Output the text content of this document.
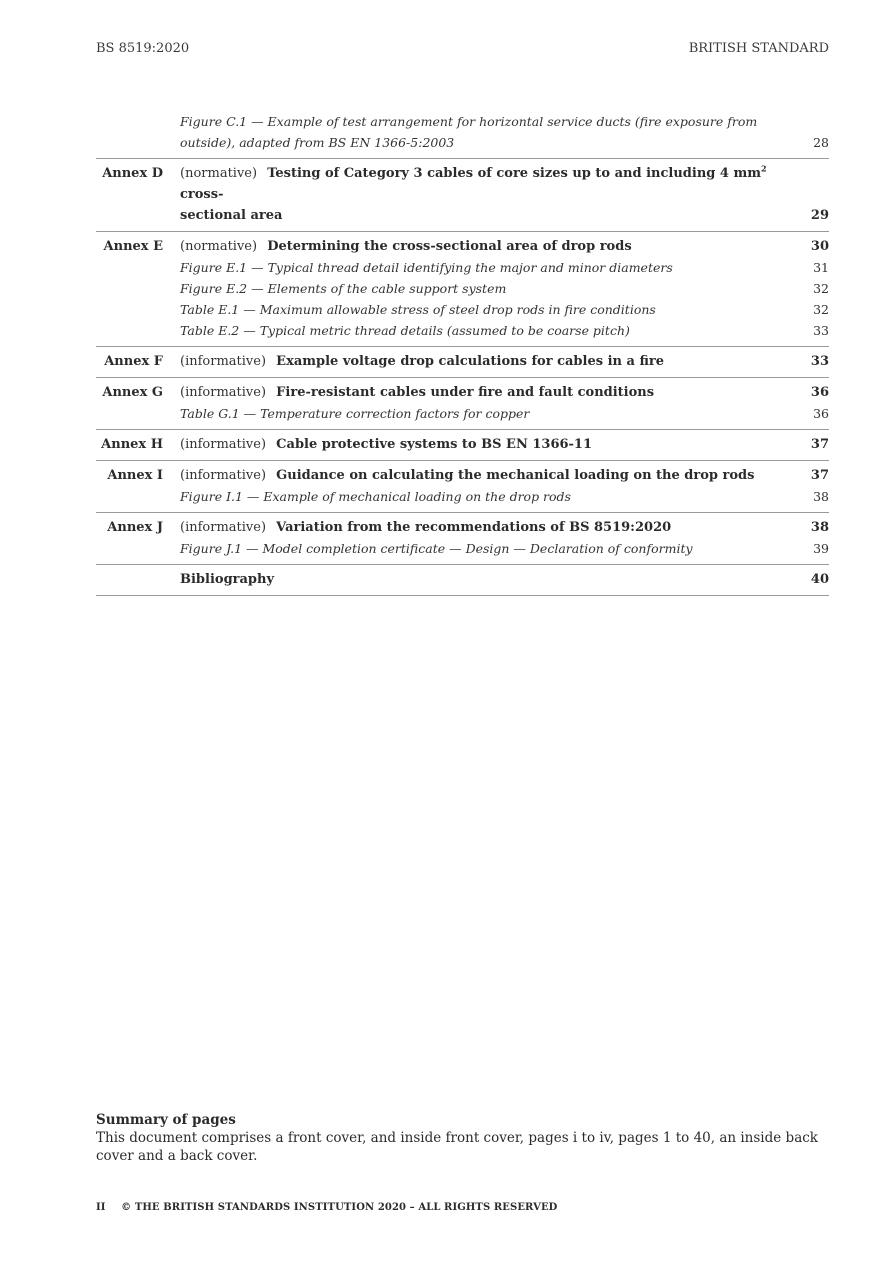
BS 8519:2020	BRITISH STANDARD
Figure C.1 — Example of test arrangement for horizontal service ducts (fire exposure from
outside), adapted from BS EN 1366-5:2003	28
Annex D	(normative) Testing of Category 3 cables of core sizes up to and including 4 $mm^2$ cross-
sectional area	29
Annex E	(normative) Determining the cross-sectional area of drop rods	30
Figure E.1 — Typical thread detail identifying the major and minor diameters	31
Figure E.2 — Elements of the cable support system	32
Table E.1 — Maximum allowable stress of steel drop rods in fire conditions	32
Table E.2 — Typical metric thread details (assumed to be coarse pitch)	33
Annex F	(informative) Example voltage drop calculations for cables in a fire	33
Annex G	(informative) Fire-resistant cables under fire and fault conditions	36
Table G.1 — Temperature correction factors for copper	36
Annex H	(informative) Cable protective systems to BS EN 1366-11	37
Annex I	(informative) Guidance on calculating the mechanical loading on the drop rods	37
Figure I.1 — Example of mechanical loading on the drop rods	38
Annex J	(informative) Variation from the recommendations of BS 8519:2020	38
Figure J.1 — Model completion certificate — Design — Declaration of conformity	39
Bibliography	40
Summary of pages
This document comprises a front cover, and inside front cover, pages i to iv, pages 1 to 40, an inside back cover and a back cover.
II © THE BRITISH STANDARDS INSTITUTION 2020 – ALL RIGHTS RESERVED
